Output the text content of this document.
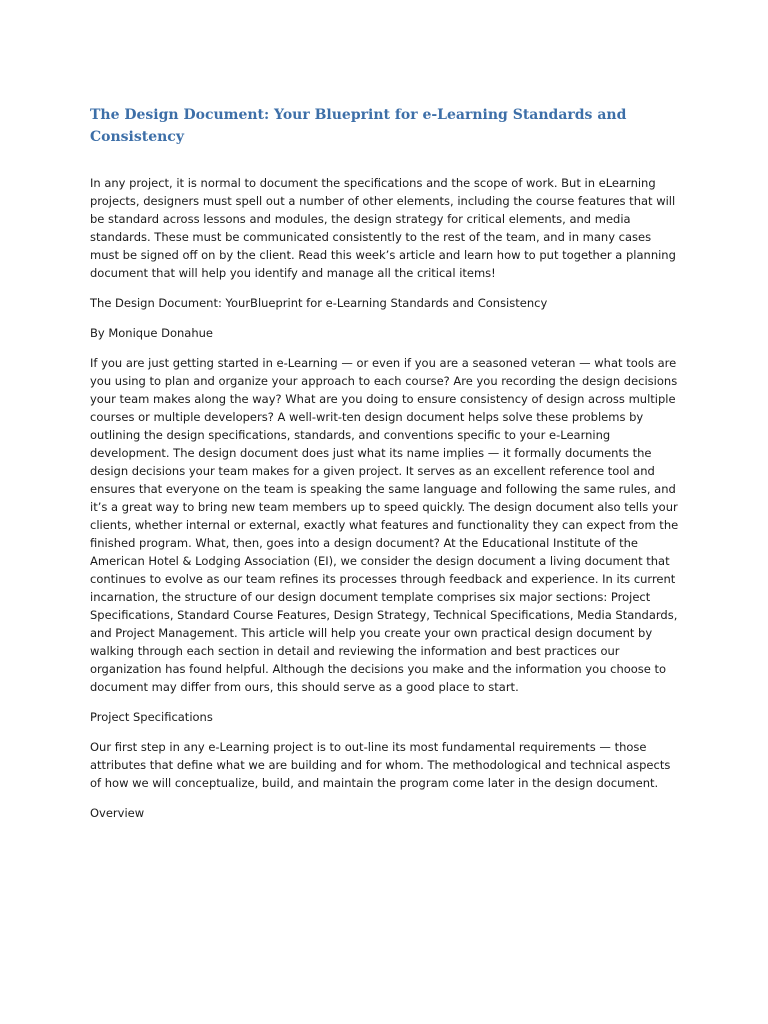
The Design Document: Your Blueprint for e-Learning Standards and Consistency

In any project, it is normal to document the specifications and the scope of work. But in eLearning projects, designers must spell out a number of other elements, including the course features that will be standard across lessons and modules, the design strategy for critical elements, and media standards. These must be communicated consistently to the rest of the team, and in many cases must be signed off on by the client. Read this week’s article and learn how to put together a planning document that will help you identify and manage all the critical items!

The Design Document: YourBlueprint for e-Learning Standards and Consistency

By Monique Donahue

If you are just getting started in e-Learning — or even if you are a seasoned veteran — what tools are you using to plan and organize your approach to each course? Are you recording the design decisions your team makes along the way? What are you doing to ensure consistency of design across multiple courses or multiple developers? A well-writ-ten design document helps solve these problems by outlining the design specifications, standards, and conventions specific to your e-Learning development. The design document does just what its name implies — it formally documents the design decisions your team makes for a given project. It serves as an excellent reference tool and ensures that everyone on the team is speaking the same language and following the same rules, and it’s a great way to bring new team members up to speed quickly. The design document also tells your clients, whether internal or external, exactly what features and functionality they can expect from the finished program. What, then, goes into a design document? At the Educational Institute of the American Hotel & Lodging Association (EI), we consider the design document a living document that continues to evolve as our team refines its processes through feedback and experience. In its current incarnation, the structure of our design document template comprises six major sections: Project Specifications, Standard Course Features, Design Strategy, Technical Specifications, Media Standards, and Project Management. This article will help you create your own practical design document by walking through each section in detail and reviewing the information and best practices our organization has found helpful. Although the decisions you make and the information you choose to document may differ from ours, this should serve as a good place to start.

Project Specifications

Our first step in any e-Learning project is to out-line its most fundamental requirements — those attributes that define what we are building and for whom. The methodological and technical aspects of how we will conceptualize, build, and maintain the program come later in the design document.

Overview
